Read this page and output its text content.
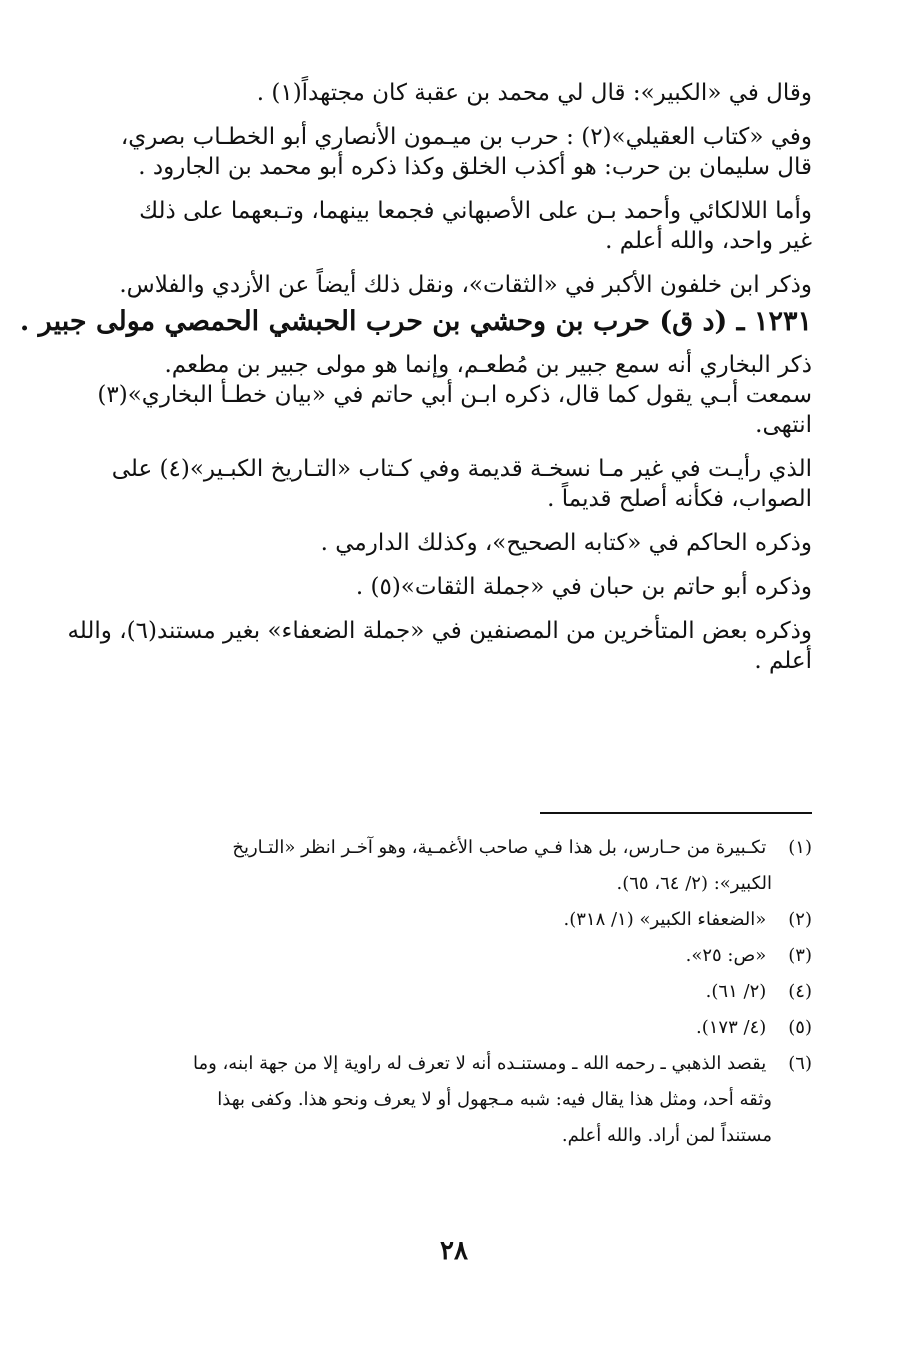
وقال في «الكبير»: قال لي محمد بن عقبة كان مجتهداً(١) .

وفي «كتاب العقيلي»(٢) : حرب بن ميـمون الأنصاري أبو الخطـاب بصري،

قال سليمان بن حرب: هو أكذب الخلق وكذا ذكره أبو محمد بن الجارود .

وأما اللالكائي وأحمد بـن على الأصبهاني فجمعا بينهما، وتـبعهما على ذلك

غير واحد، والله أعلم .

وذكر ابن خلفون الأكبر في «الثقات»، ونقل ذلك أيضاً عن الأزدي والفلاس.

١٢٣١ ـ (د ق) حرب بن وحشي بن حرب الحبشي الحمصي مولى جبير .

ذكر البخاري أنه سمع جبير بن مُطعـم، وإنما هو مولى جبير بن مطعم.

سمعت أبـي يقول كما قال، ذكره ابـن أبي حاتم في «بيان خطـأ البخاري»(٣)

انتهى.

الذي رأيـت في غير مـا نسخـة قديمة وفي كـتاب «التـاريخ الكبـير»(٤) على

الصواب، فكأنه أصلح قديماً .

وذكره الحاكم في «كتابه الصحيح»، وكذلك الدارمي .

وذكره أبو حاتم بن حبان في «جملة الثقات»(٥) .

وذكره بعض المتأخرين من المصنفين في «جملة الضعفاء» بغير مستند(٦)، والله

أعلم .

(١) تكـبيرة من حـارس، بل هذا فـي صاحب الأغمـية، وهو آخـر انظر «التـاريخ
الكبير»: (٢/ ٦٤، ٦٥).

(٢) «الضعفاء الكبير» (١/ ٣١٨).

(٣) «ص: ٢٥».

(٤) (٢/ ٦١).

(٥) (٤/ ١٧٣).

(٦) يقصد الذهبي ـ رحمه الله ـ ومستنـده أنه لا تعرف له راوية إلا من جهة ابنه، وما
وثقه أحد، ومثل هذا يقال فيه: شبه مـجهول أو لا يعرف ونحو هذا. وكفى بهذا
مستنداً لمن أراد. والله أعلم.

٢٨
